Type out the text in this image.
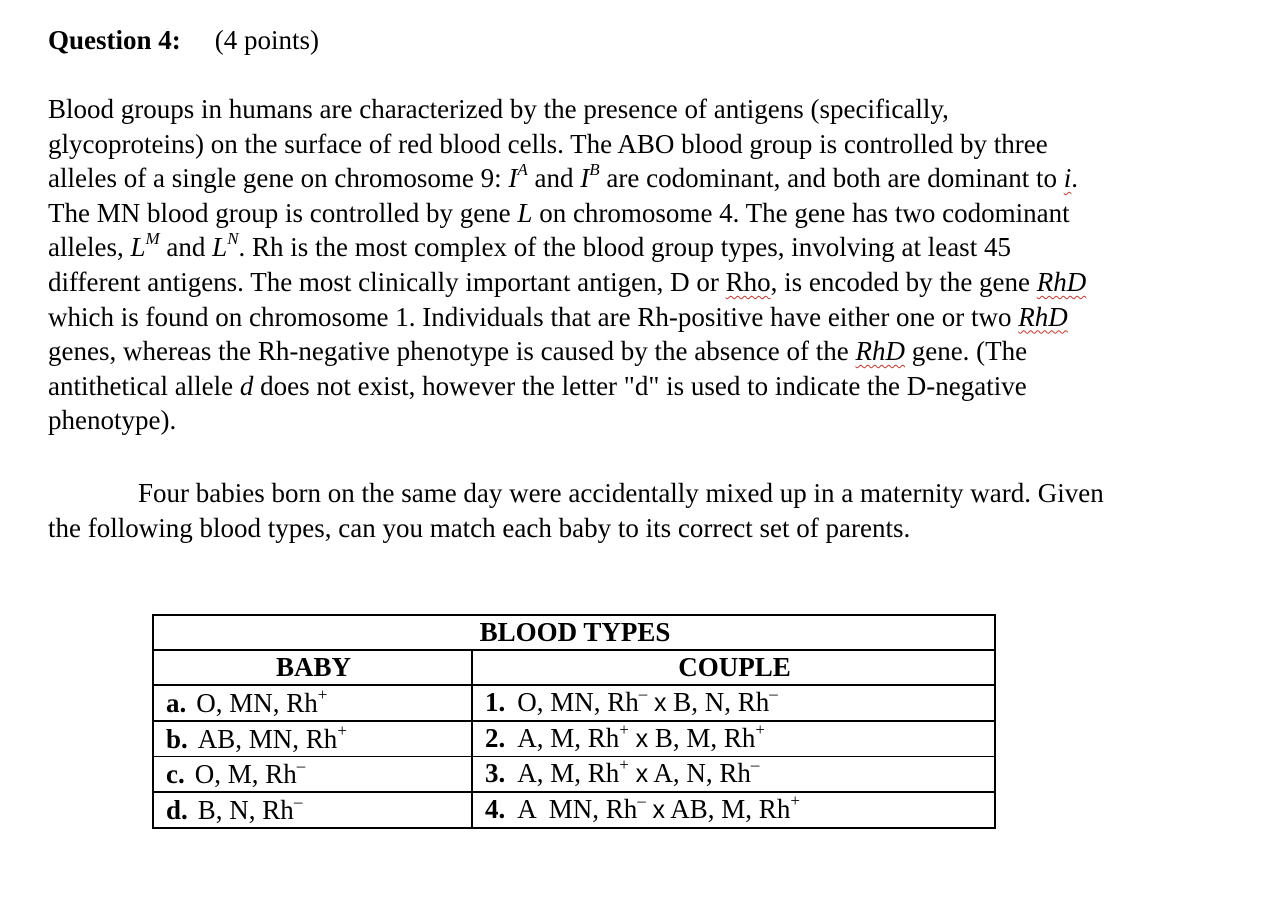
Question 4: (4 points)
Blood groups in humans are characterized by the presence of antigens (specifically,
glycoproteins) on the surface of red blood cells. The ABO blood group is controlled by three
alleles of a single gene on chromosome 9: $I^A$ and $I^B$ are codominant, and both are dominant to i.
The MN blood group is controlled by gene L on chromosome 4. The gene has two codominant
alleles, $L^M$ and $L^N$. Rh is the most complex of the blood group types, involving at least 45
different antigens. The most clinically important antigen, D or Rho, is encoded by the gene RhD
which is found on chromosome 1. Individuals that are Rh-positive have either one or two RhD
genes, whereas the Rh-negative phenotype is caused by the absence of the RhD gene. (The
antithetical allele d does not exist, however the letter "d" is used to indicate the D-negative
phenotype).
Four babies born on the same day were accidentally mixed up in a maternity ward. Given
the following blood types, can you match each baby to its correct set of parents.
BLOOD TYPES	
BABY	COUPLE
a. O, MN, Rh+	1. O, MN, Rh– x B, N, Rh–
b. AB, MN, Rh+	2. A, M, Rh+ x B, M, Rh+
c. O, M, Rh–	3. A, M, Rh+ x A, N, Rh–
d. B, N, Rh–	4. A  MN, Rh– x AB, M, Rh+
